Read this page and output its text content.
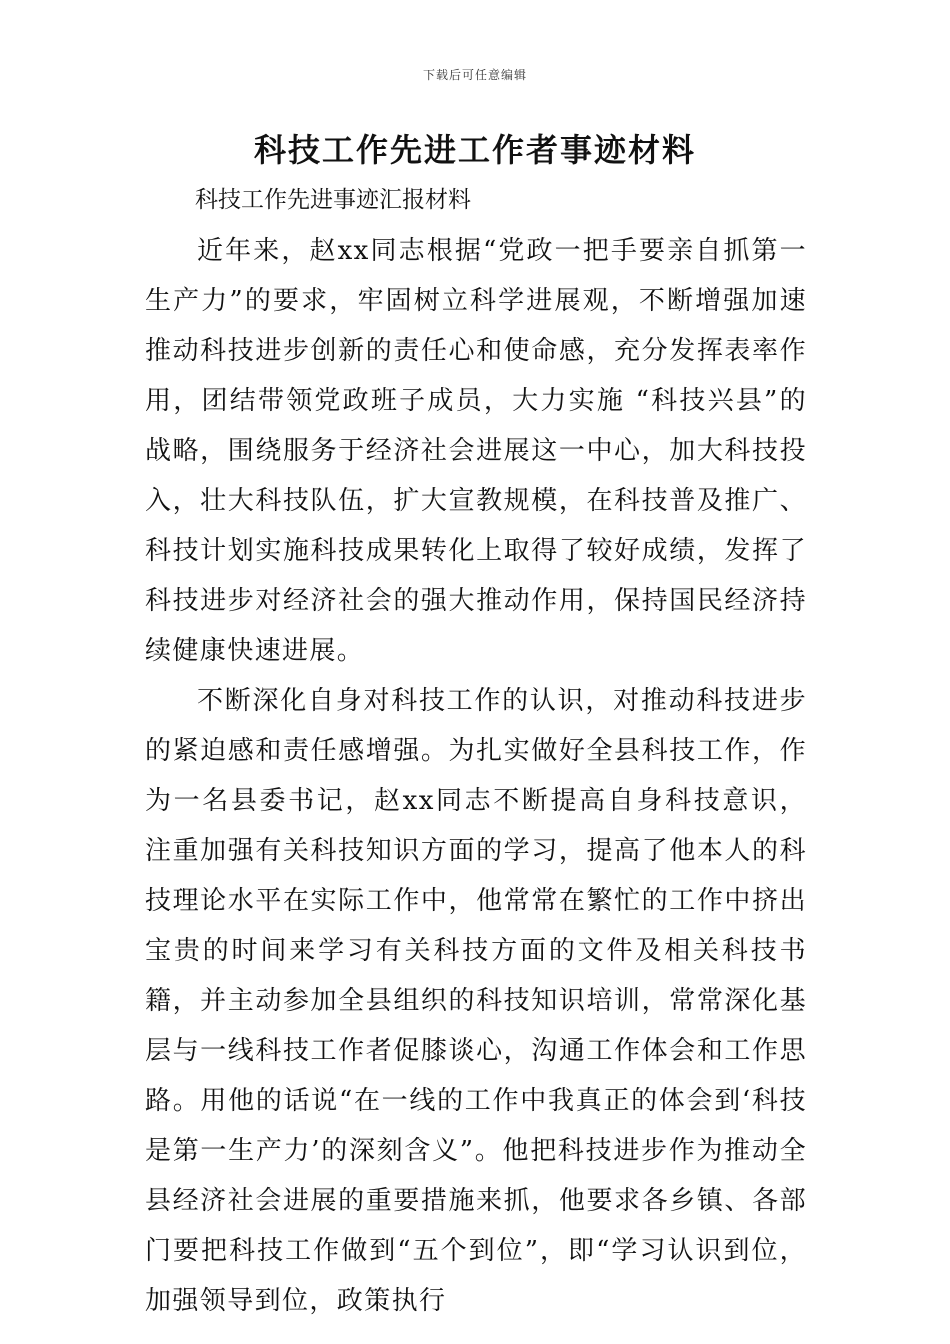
下载后可任意编辑
科技工作先进工作者事迹材料
科技工作先进事迹汇报材料

近年来，赵xx同志根据“党政一把手要亲自抓第一生产力”的要求，牢固树立科学进展观，不断增强加速推动科技进步创新的责任心和使命感，充分发挥表率作用，团结带领党政班子成员，大力实施 “科技兴县”的战略，围绕服务于经济社会进展这一中心，加大科技投入，壮大科技队伍，扩大宣教规模，在科技普及推广、科技计划实施科技成果转化上取得了较好成绩，发挥了科技进步对经济社会的强大推动作用，保持国民经济持续健康快速进展。

不断深化自身对科技工作的认识，对推动科技进步的紧迫感和责任感增强。为扎实做好全县科技工作，作为一名县委书记，赵xx同志不断提高自身科技意识，注重加强有关科技知识方面的学习，提高了他本人的科技理论水平在实际工作中，他常常在繁忙的工作中挤出宝贵的时间来学习有关科技方面的文件及相关科技书籍，并主动参加全县组织的科技知识培训，常常深化基层与一线科技工作者促膝谈心，沟通工作体会和工作思路。用他的话说“在一线的工作中我真正的体会到‘科技是第一生产力’的深刻含义”。他把科技进步作为推动全县经济社会进展的重要措施来抓，他要求各乡镇、各部门要把科技工作做到“五个到位”，即“学习认识到位，加强领导到位，政策执行
